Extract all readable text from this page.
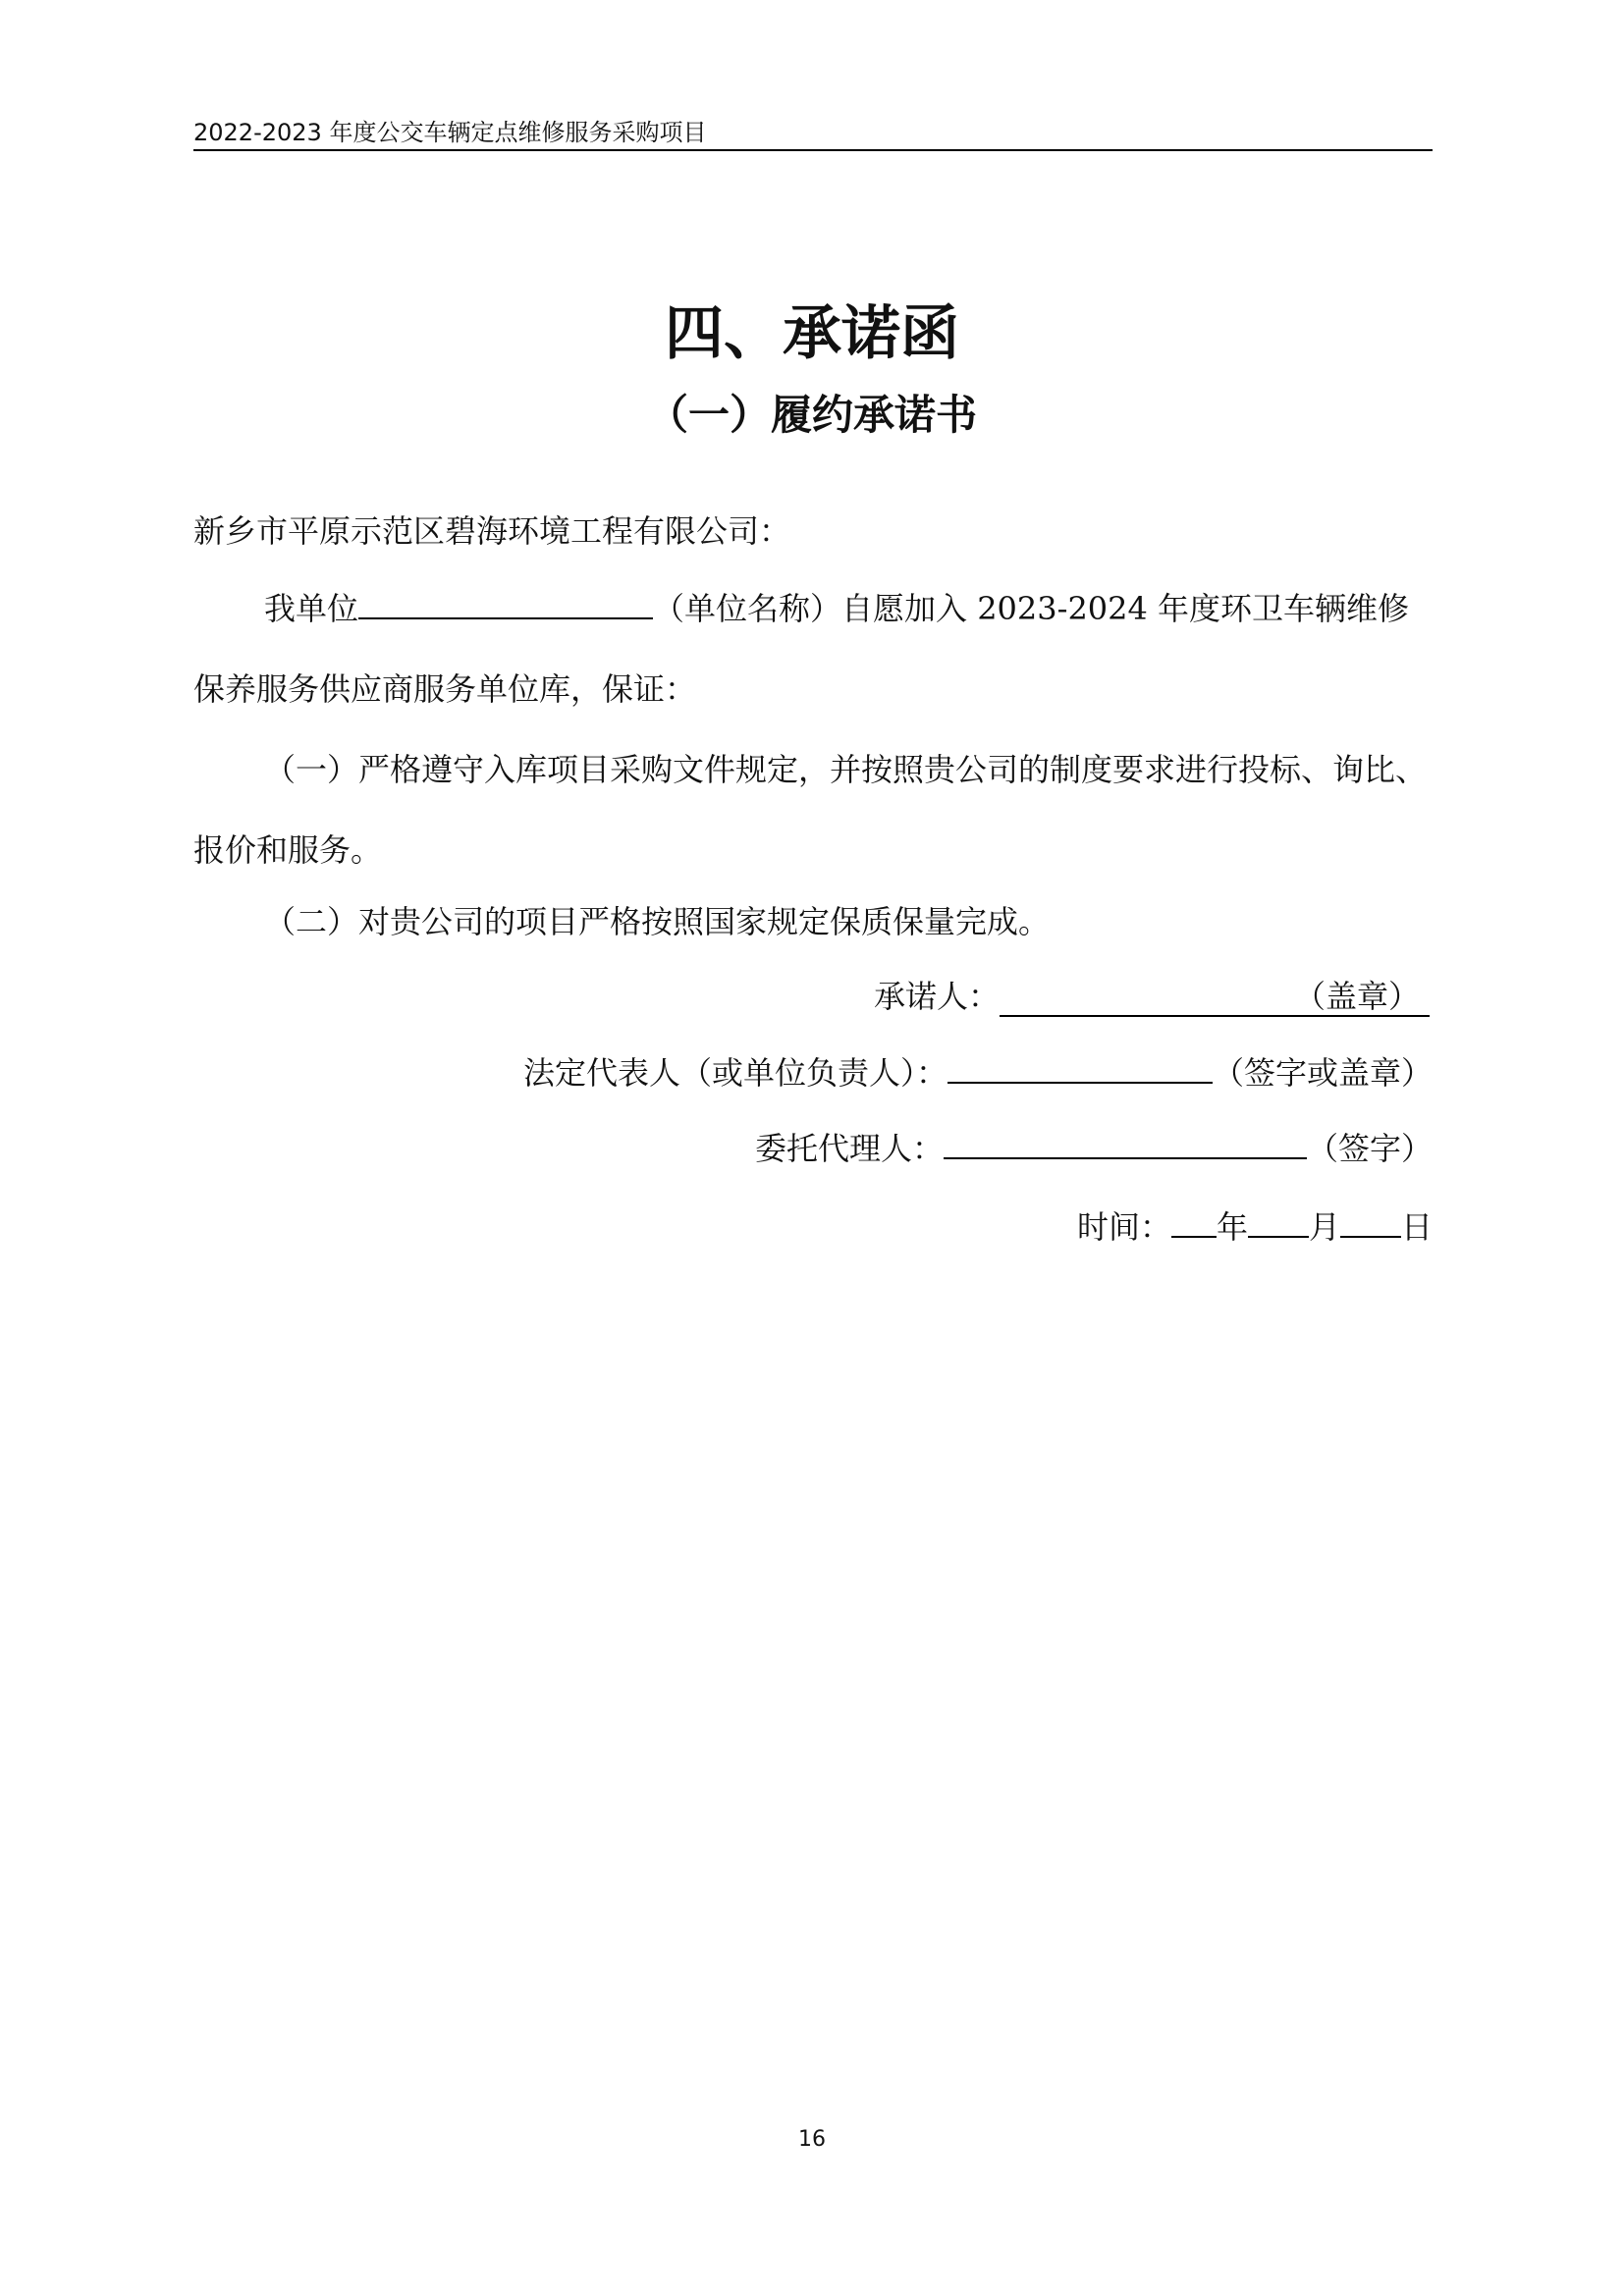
2022-2023 年度公交车辆定点维修服务采购项目
四、承诺函
（一）履约承诺书

新乡市平原示范区碧海环境工程有限公司：

我单位	（单位名称）自愿加入 2023-2024 年度环卫车辆维修保养服务供应商服务单位库，保证：

（一）严格遵守入库项目采购文件规定，并按照贵公司的制度要求进行投标、询比、报价和服务。

（二）对贵公司的项目严格按照国家规定保质保量完成。

承诺人：	（盖章）
法定代表人（或单位负责人）：	（签字或盖章）
委托代理人：	（签字）
时间： 年 月 日
16
